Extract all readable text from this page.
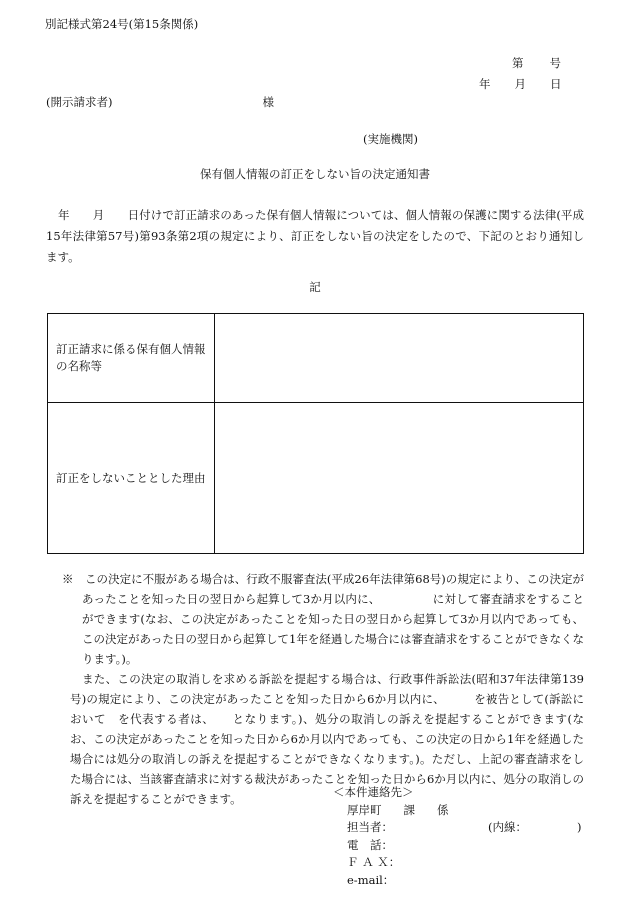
別記様式第24号(第15条関係)
第 号
年 月 日
(開示請求者)	様
(実施機関)
保有個人情報の訂正をしない旨の決定通知書
年　　月　　日付けで訂正請求のあった保有個人情報については、個人情報の保護に関する法律(平成15年法律第57号)第93条第2項の規定により、訂正をしない旨の決定をしたので、下記のとおり通知します。
記
訂正請求に係る保有個人情報の名称等	
訂正をしないこととした理由	

※　この決定に不服がある場合は、行政不服審査法(平成26年法律第68号)の規定により、この決定があったことを知った日の翌日から起算して3か月以内に、　　　　　に対して審査請求をすることができます(なお、この決定があったことを知った日の翌日から起算して3か月以内であっても、この決定があった日の翌日から起算して1年を経過した場合には審査請求をすることができなくなります。)。

また、この決定の取消しを求める訴訟を提起する場合は、行政事件訴訟法(昭和37年法律第139号)の規定により、この決定があったことを知った日から6か月以内に、　　　を被告として(訴訟において　を代表する者は、　　となります。)、処分の取消しの訴えを提起することができます(なお、この決定があったことを知った日から6か月以内であっても、この決定の日から1年を経過した場合には処分の取消しの訴えを提起することができなくなります。)。ただし、上記の審査請求をした場合には、当該審査請求に対する裁決があったことを知った日から6か月以内に、処分の取消しの訴えを提起することができます。	＜本件連絡先＞
厚岸町 課 係
担当者：	(内線：	)
電　話：
Ｆ Ａ Ｘ：
e-mail：
